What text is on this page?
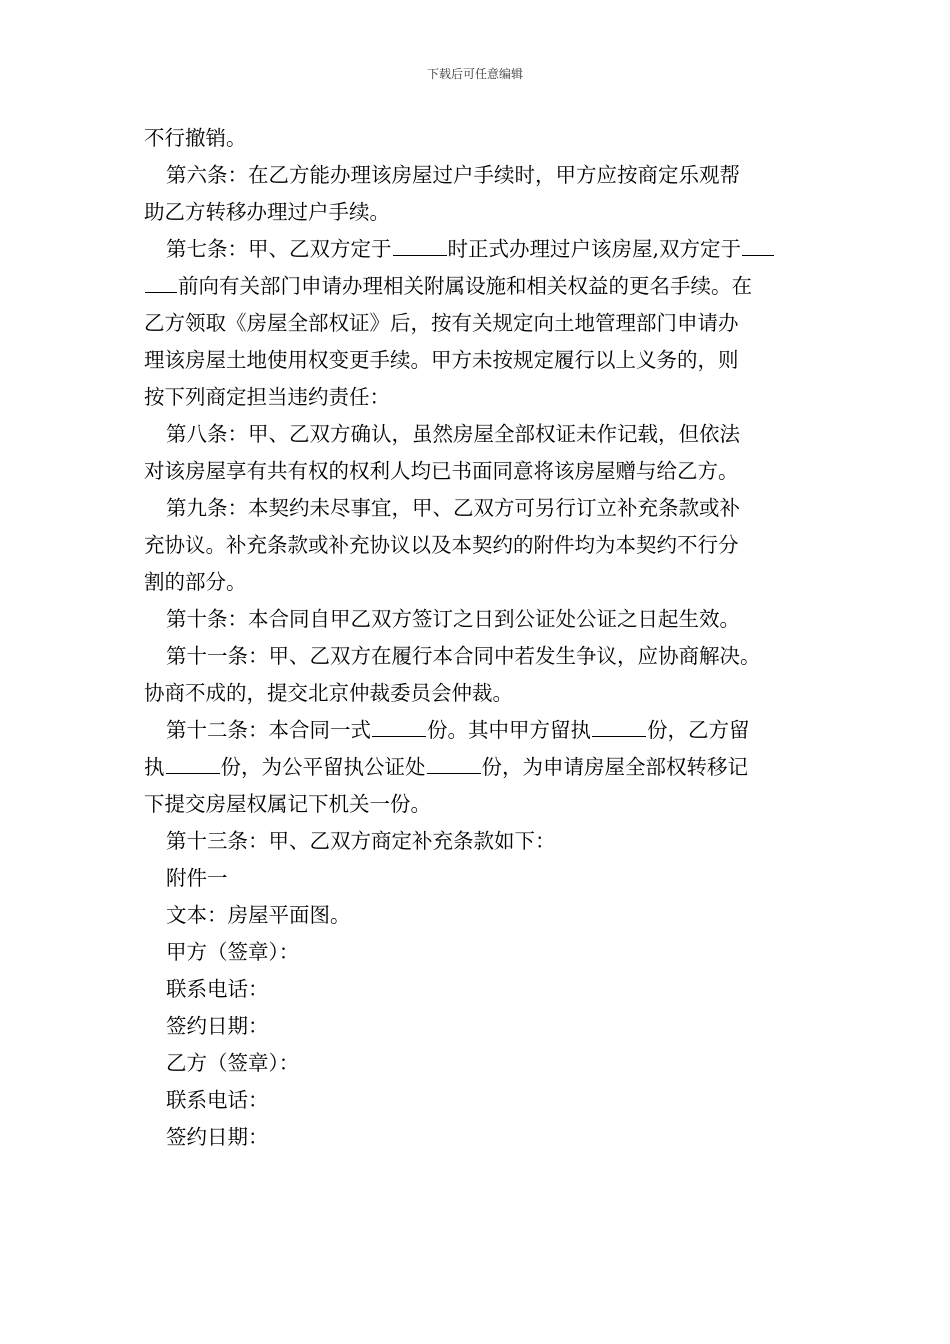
下载后可任意编辑
不行撤销。
第六条：在乙方能办理该房屋过户手续时，甲方应按商定乐观帮
助乙方转移办理过户手续。
第七条：甲、乙双方定于	时正式办理过户该房屋,双方定于
前向有关部门申请办理相关附属设施和相关权益的更名手续。在
乙方领取《房屋全部权证》后，按有关规定向土地管理部门申请办
理该房屋土地使用权变更手续。甲方未按规定履行以上义务的，则
按下列商定担当违约责任：
第八条：甲、乙双方确认，虽然房屋全部权证未作记载，但依法
对该房屋享有共有权的权利人均已书面同意将该房屋赠与给乙方。
第九条：本契约未尽事宜，甲、乙双方可另行订立补充条款或补
充协议。补充条款或补充协议以及本契约的附件均为本契约不行分
割的部分。
第十条：本合同自甲乙双方签订之日到公证处公证之日起生效。
第十一条：甲、乙双方在履行本合同中若发生争议，应协商解决。
协商不成的，提交北京仲裁委员会仲裁。
第十二条：本合同一式	份。其中甲方留执	份，乙方留
执	份，为公平留执公证处	份，为申请房屋全部权转移记
下提交房屋权属记下机关一份。
第十三条：甲、乙双方商定补充条款如下：
附件一
文本：房屋平面图。
甲方（签章）：
联系电话：
签约日期：
乙方（签章）：
联系电话：
签约日期：
